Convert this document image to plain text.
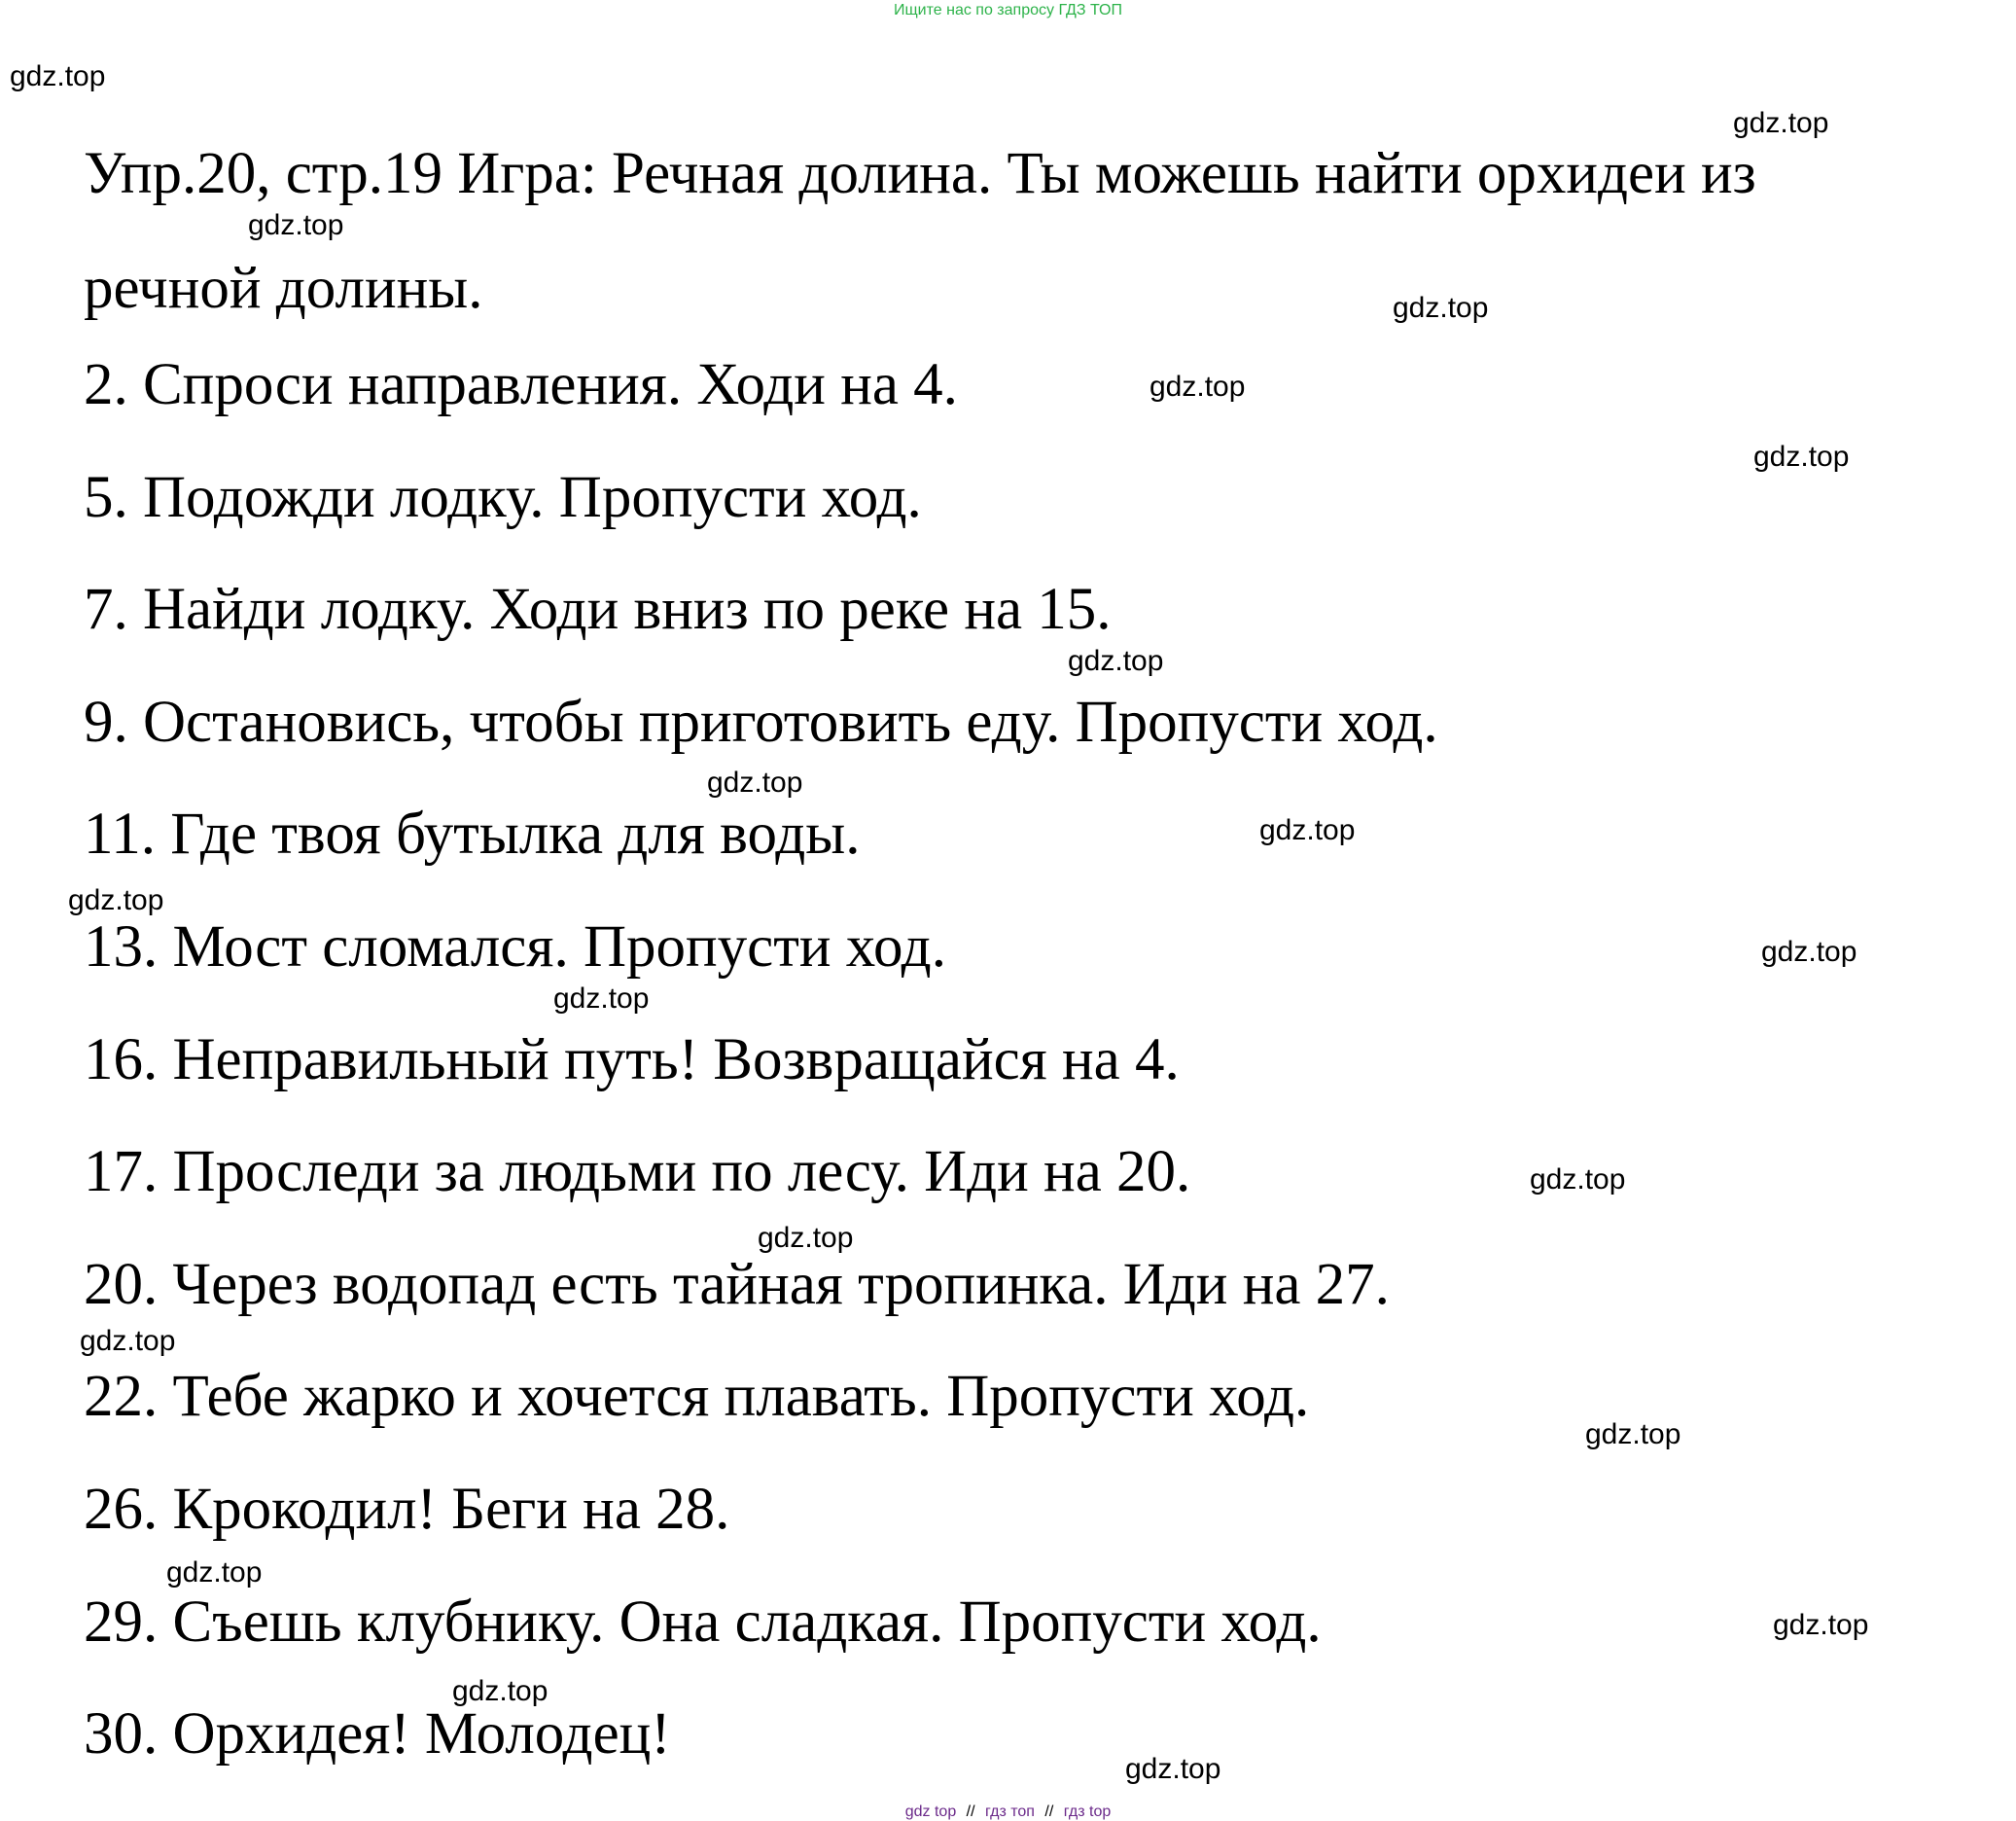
Ищите нас по запросу ГДЗ ТОП
Упр.20, стр.19 Игра: Речная долина. Ты можешь найти орхидеи из
речной долины.
2. Спроси направления. Ходи на 4.
5. Подожди лодку. Пропусти ход.
7. Найди лодку. Ходи вниз по реке на 15.
9. Остановись, чтобы приготовить еду. Пропусти ход.
11. Где твоя бутылка для воды.
13. Мост сломался. Пропусти ход.
16. Неправильный путь! Возвращайся на 4.
17. Проследи за людьми по лесу. Иди на 20.
20. Через водопад есть тайная тропинка. Иди на 27.
22. Тебе жарко и хочется плавать. Пропусти ход.
26. Крокодил! Беги на 28.
29. Съешь клубнику. Она сладкая. Пропусти ход.
30. Орхидея! Молодец!
gdz.top
gdz.top
gdz.top
gdz.top
gdz.top
gdz.top
gdz.top
gdz.top
gdz.top
gdz.top
gdz.top
gdz.top
gdz.top
gdz.top
gdz.top
gdz.top
gdz.top
gdz.top
gdz.top
gdz.top
gdz top // гдз топ // гдз top
